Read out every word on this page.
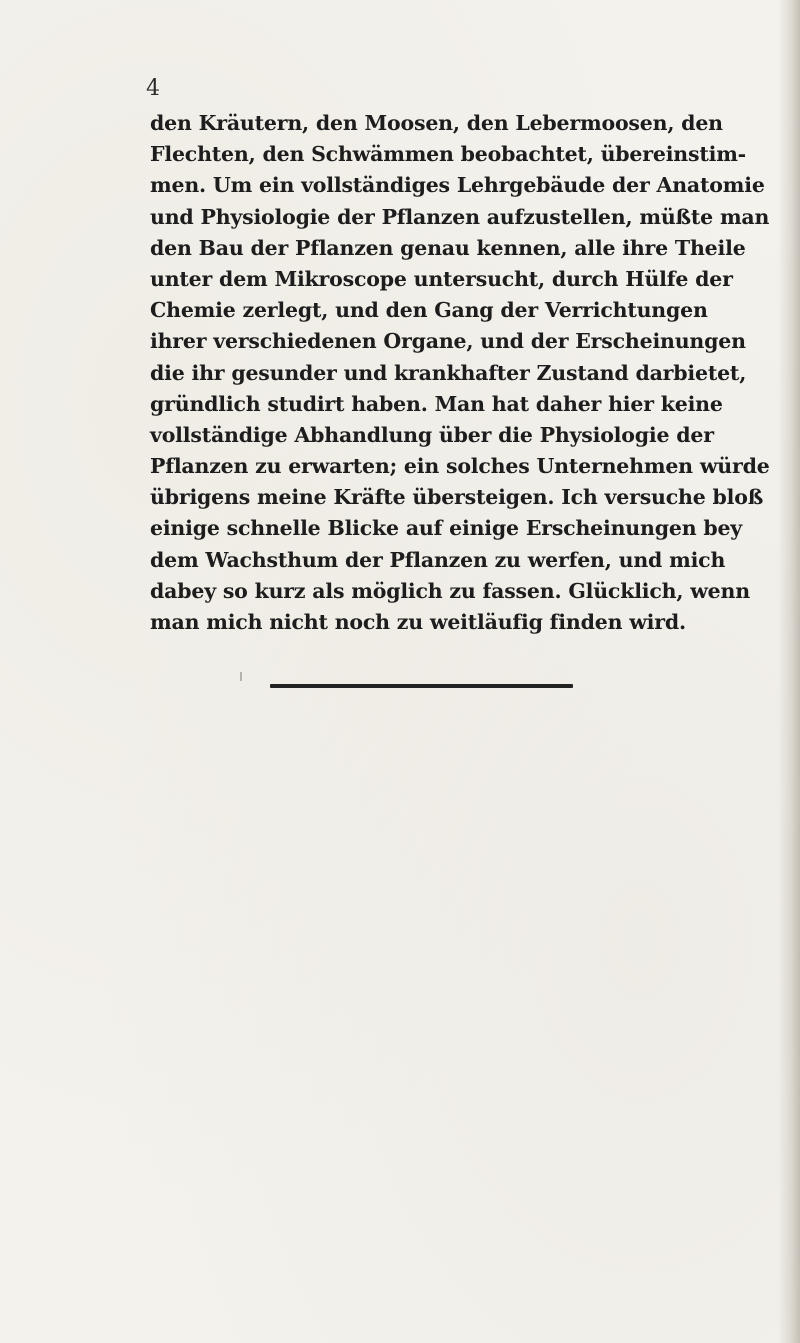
4
den Kräutern, den Moosen, den Lebermoosen, den
Flechten, den Schwämmen beobachtet, übereinstim-
men. Um ein vollständiges Lehrgebäude der Anatomie
und Physiologie der Pflanzen aufzustellen, müßte man
den Bau der Pflanzen genau kennen, alle ihre Theile
unter dem Mikroscope untersucht, durch Hülfe der
Chemie zerlegt, und den Gang der Verrichtungen
ihrer verschiedenen Organe, und der Erscheinungen
die ihr gesunder und krankhafter Zustand darbietet,
gründlich studirt haben. Man hat daher hier keine
vollständige Abhandlung über die Physiologie der
Pflanzen zu erwarten; ein solches Unternehmen würde
übrigens meine Kräfte übersteigen. Ich versuche bloß
einige schnelle Blicke auf einige Erscheinungen bey
dem Wachsthum der Pflanzen zu werfen, und mich
dabey so kurz als möglich zu fassen. Glücklich, wenn
man mich nicht noch zu weitläufig finden wird.
